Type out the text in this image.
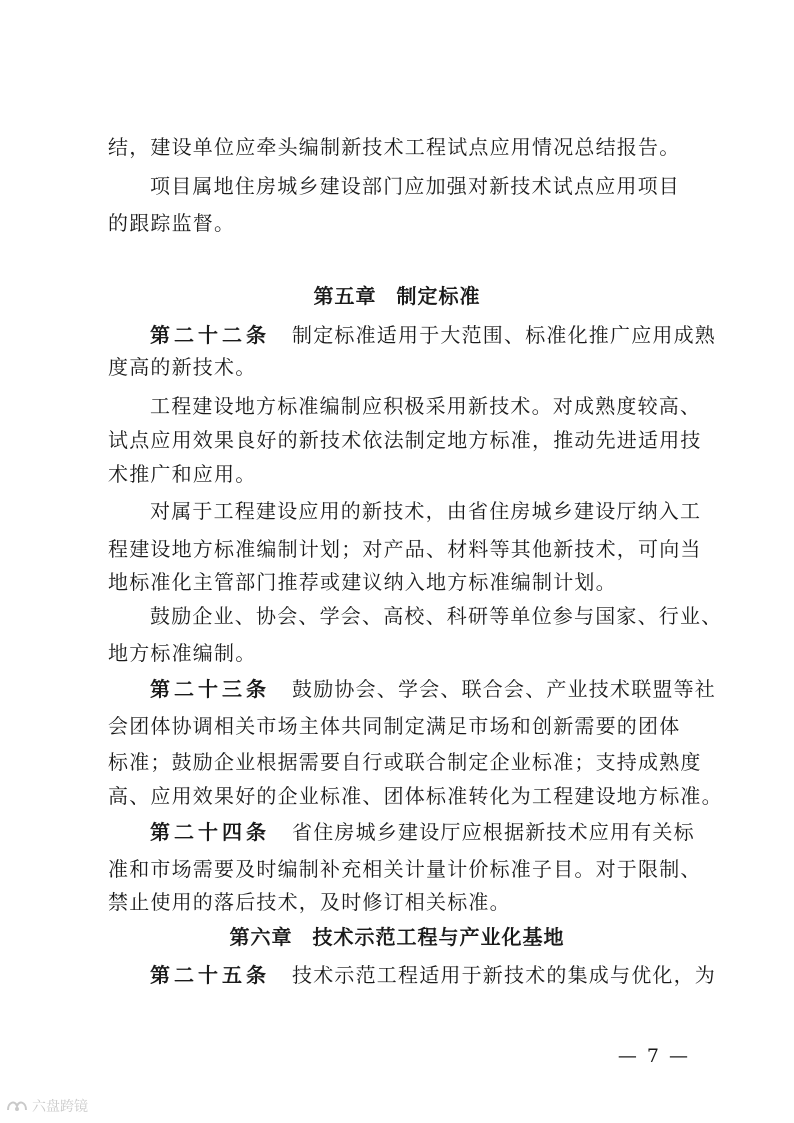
结，建设单位应牵头编制新技术工程试点应用情况总结报告。
项目属地住房城乡建设部门应加强对新技术试点应用项目
的跟踪监督。
第五章 制定标准
第二十二条 制定标准适用于大范围、标准化推广应用成熟
度高的新技术。
工程建设地方标准编制应积极采用新技术。对成熟度较高、
试点应用效果良好的新技术依法制定地方标准，推动先进适用技
术推广和应用。
对属于工程建设应用的新技术，由省住房城乡建设厅纳入工
程建设地方标准编制计划；对产品、材料等其他新技术，可向当
地标准化主管部门推荐或建议纳入地方标准编制计划。
鼓励企业、协会、学会、高校、科研等单位参与国家、行业、
地方标准编制。
第二十三条 鼓励协会、学会、联合会、产业技术联盟等社
会团体协调相关市场主体共同制定满足市场和创新需要的团体
标准；鼓励企业根据需要自行或联合制定企业标准；支持成熟度
高、应用效果好的企业标准、团体标准转化为工程建设地方标准。
第二十四条 省住房城乡建设厅应根据新技术应用有关标
准和市场需要及时编制补充相关计量计价标准子目。对于限制、
禁止使用的落后技术，及时修订相关标准。
第六章 技术示范工程与产业化基地
第二十五条 技术示范工程适用于新技术的集成与优化，为
— 7 —
六盘跨镜
